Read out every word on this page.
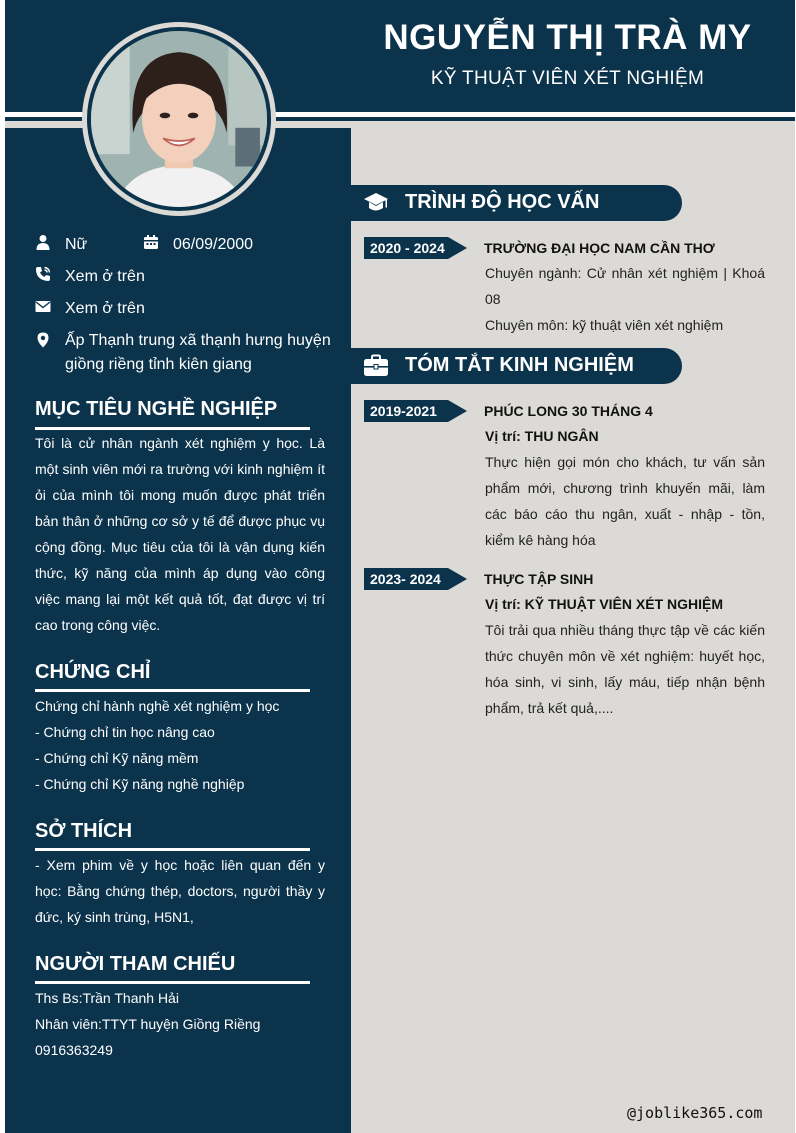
NGUYỄN THỊ TRÀ MY
KỸ THUẬT VIÊN XÉT NGHIỆM
Nữ	06/09/2000
Xem ở trên
Xem ở trên
Ấp Thạnh trung xã thạnh hưng huyện giồng riềng tỉnh kiên giang
MỤC TIÊU NGHỀ NGHIỆP
Tôi là cử nhân ngành xét nghiệm y học. Là một sinh viên mới ra trường với kinh nghiệm ít ỏi của mình tôi mong muốn được phát triển bản thân ở những cơ sở y tế để được phục vụ cộng đồng. Mục tiêu của tôi là vận dụng kiến thức, kỹ năng của mình áp dụng vào công việc mang lại một kết quả tốt, đạt được vị trí cao trong công việc.
CHỨNG CHỈ
Chứng chỉ hành nghề xét nghiệm y học
- Chứng chỉ tin học nâng cao
- Chứng chỉ Kỹ năng mềm
- Chứng chỉ Kỹ năng nghề nghiệp
SỞ THÍCH
- Xem phim về y học hoặc liên quan đến y học: Bằng chứng thép, doctors, người thầy y đức, ký sinh trùng, H5N1,
NGƯỜI THAM CHIẾU
Ths Bs:Trần Thanh Hải
Nhân viên:TTYT huyện Giồng Riềng
0916363249
TRÌNH ĐỘ HỌC VẤN
2020 - 2024	TRƯỜNG ĐẠI HỌC NAM CẦN THƠ
Chuyên ngành: Cử nhân xét nghiệm | Khoá 08
Chuyên môn: kỹ thuật viên xét nghiệm
TÓM TẮT KINH NGHIỆM
2019-2021	PHÚC LONG 30 THÁNG 4
Vị trí: THU NGÂN
Thực hiện gọi món cho khách, tư vấn sản phẩm mới, chương trình khuyến mãi, làm các báo cáo thu ngân, xuất - nhập - tồn, kiểm kê hàng hóa
2023- 2024	THỰC TẬP SINH
Vị trí: KỸ THUẬT VIÊN XÉT NGHIỆM
Tôi trải qua nhiều tháng thực tập về các kiến thức chuyên môn về xét nghiệm: huyết học, hóa sinh, vi sinh, lấy máu, tiếp nhận bệnh phẩm, trả kết quả,....
@joblike365.com
